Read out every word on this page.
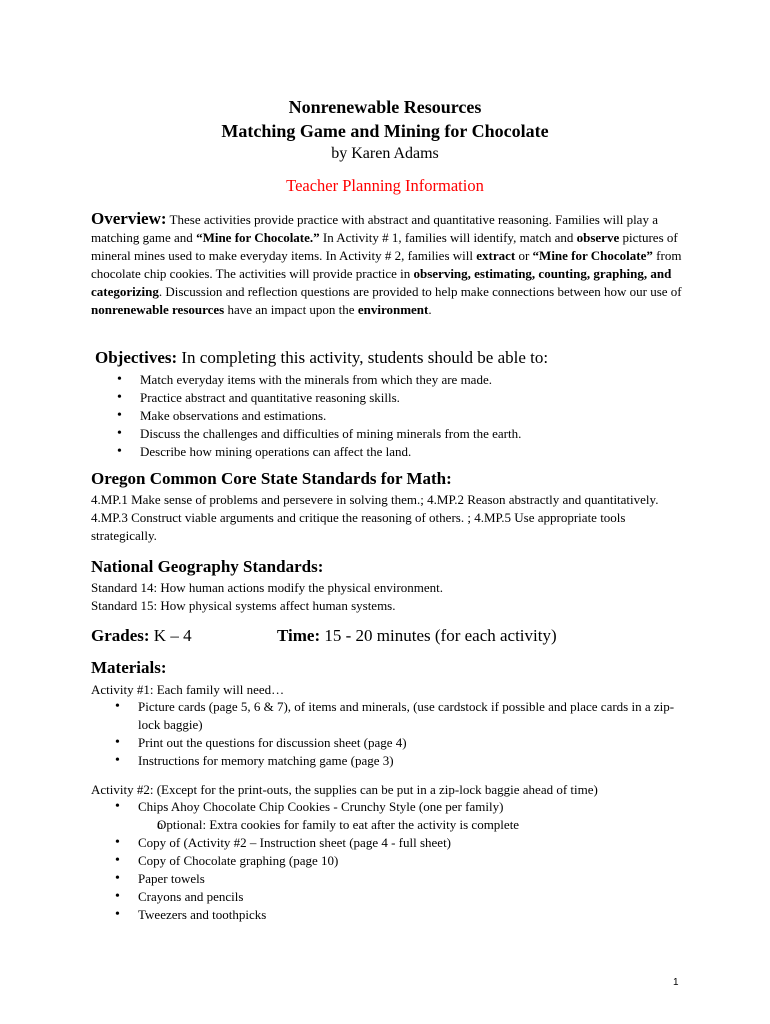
Nonrenewable Resources
Matching Game and Mining for Chocolate
by Karen Adams
Teacher Planning Information
Overview: These activities provide practice with abstract and quantitative reasoning. Families will play a matching game and “Mine for Chocolate.” In Activity # 1, families will identify, match and observe pictures of mineral mines used to make everyday items. In Activity # 2, families will extract or “Mine for Chocolate” from chocolate chip cookies. The activities will provide practice in observing, estimating, counting, graphing, and categorizing. Discussion and reflection questions are provided to help make connections between how our use of nonrenewable resources have an impact upon the environment.
Objectives: In completing this activity, students should be able to:
• Match everyday items with the minerals from which they are made.
• Practice abstract and quantitative reasoning skills.
• Make observations and estimations.
• Discuss the challenges and difficulties of mining minerals from the earth.
• Describe how mining operations can affect the land.
Oregon Common Core State Standards for Math:
4.MP.1 Make sense of problems and persevere in solving them.; 4.MP.2 Reason abstractly and quantitatively. 4.MP.3 Construct viable arguments and critique the reasoning of others. ; 4.MP.5 Use appropriate tools strategically.
National Geography Standards:
Standard 14: How human actions modify the physical environment.
Standard 15: How physical systems affect human systems.
Grades: K – 4	Time: 15 - 20 minutes (for each activity)
Materials:
Activity #1: Each family will need…
• Picture cards (page 5, 6 & 7), of items and minerals, (use cardstock if possible and place cards in a zip-lock baggie)
• Print out the questions for discussion sheet (page 4)
• Instructions for memory matching game (page 3)
Activity #2: (Except for the print-outs, the supplies can be put in a zip-lock baggie ahead of time)
• Chips Ahoy Chocolate Chip Cookies - Crunchy Style (one per family)
o Optional: Extra cookies for family to eat after the activity is complete
• Copy of (Activity #2 – Instruction sheet (page 4 - full sheet)
• Copy of Chocolate graphing (page 10)
• Paper towels
• Crayons and pencils
• Tweezers and toothpicks
1
